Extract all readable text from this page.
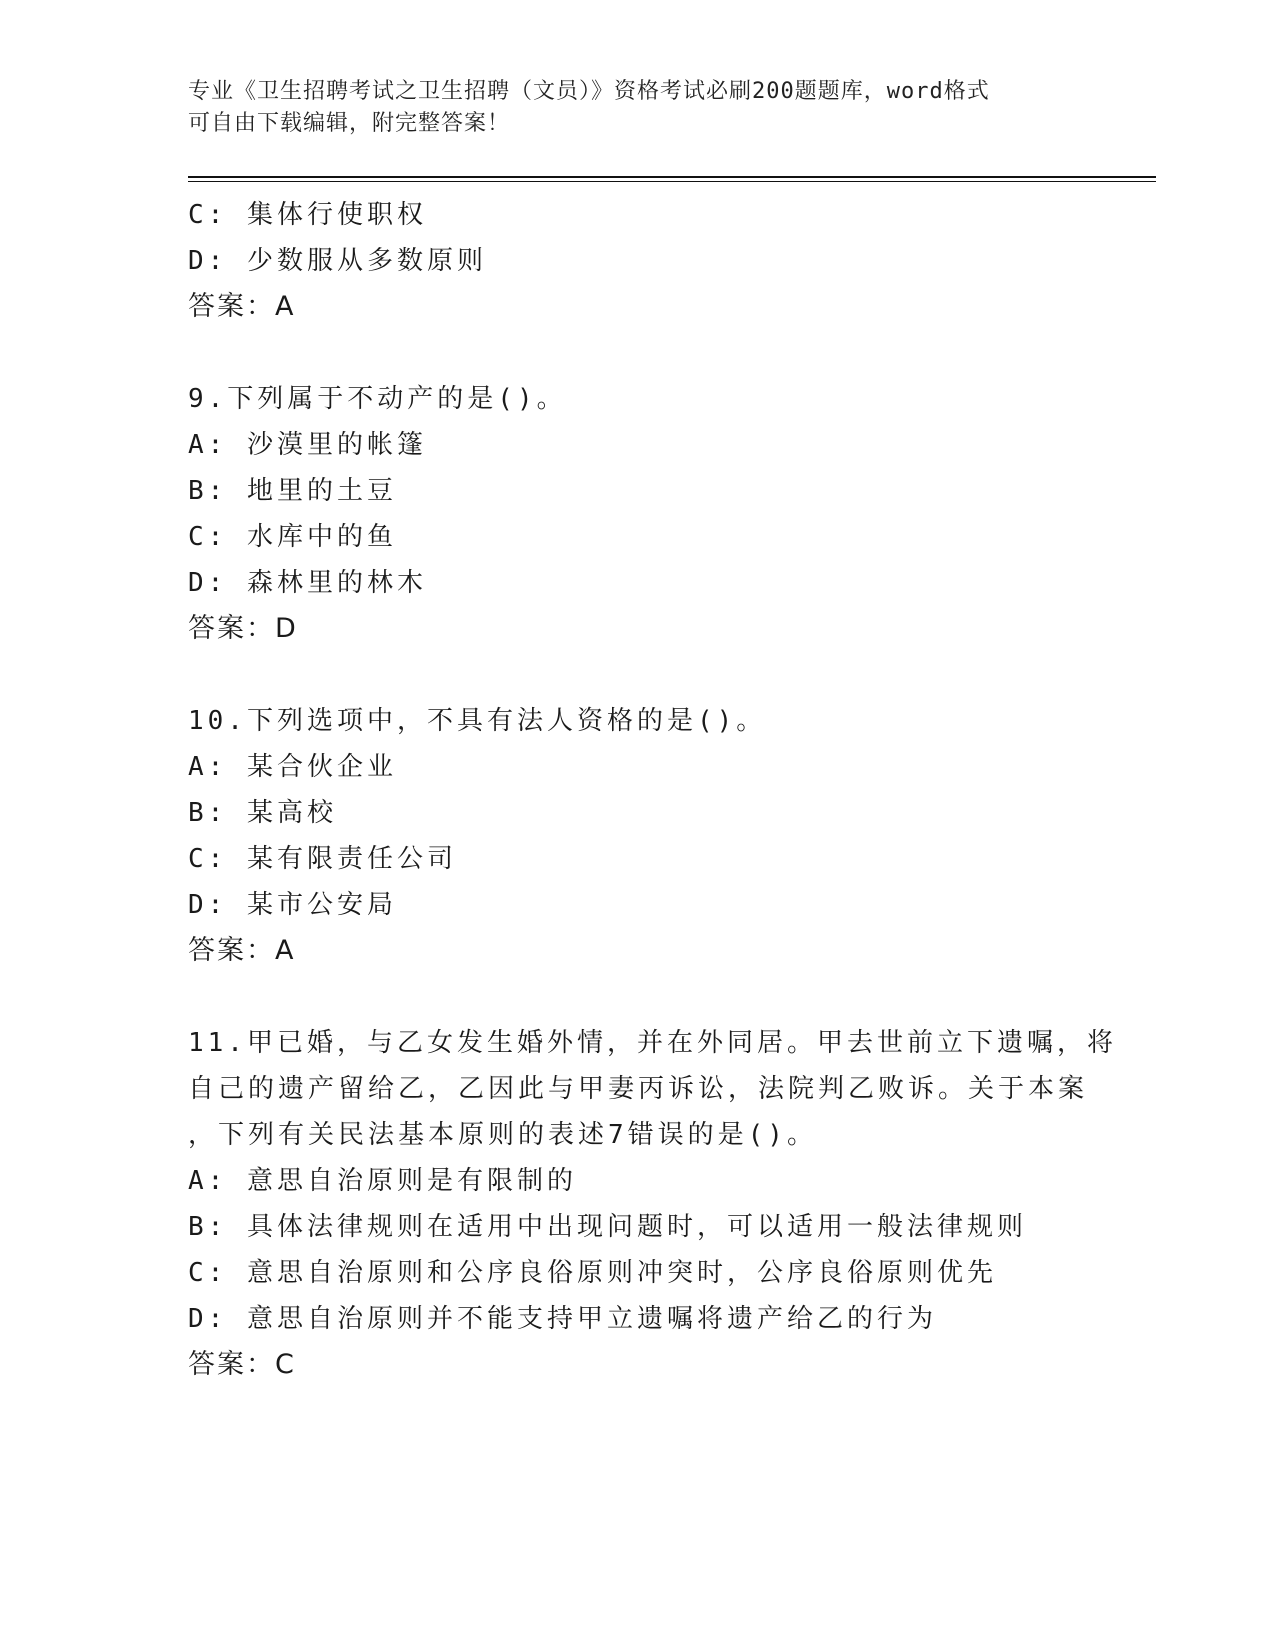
专业《卫生招聘考试之卫生招聘（文员）》资格考试必刷200题题库，word格式
可自由下载编辑，附完整答案！
C: 集体行使职权
D: 少数服从多数原则
答案：A
9.下列属于不动产的是()。
A: 沙漠里的帐篷
B: 地里的土豆
C: 水库中的鱼
D: 森林里的林木
答案：D
10.下列选项中，不具有法人资格的是()。
A: 某合伙企业
B: 某高校
C: 某有限责任公司
D: 某市公安局
答案：A
11.甲已婚，与乙女发生婚外情，并在外同居。甲去世前立下遗嘱，将
自己的遗产留给乙，乙因此与甲妻丙诉讼，法院判乙败诉。关于本案
，下列有关民法基本原则的表述7错误的是()。
A: 意思自治原则是有限制的
B: 具体法律规则在适用中出现问题时，可以适用一般法律规则
C: 意思自治原则和公序良俗原则冲突时，公序良俗原则优先
D: 意思自治原则并不能支持甲立遗嘱将遗产给乙的行为
答案：C
